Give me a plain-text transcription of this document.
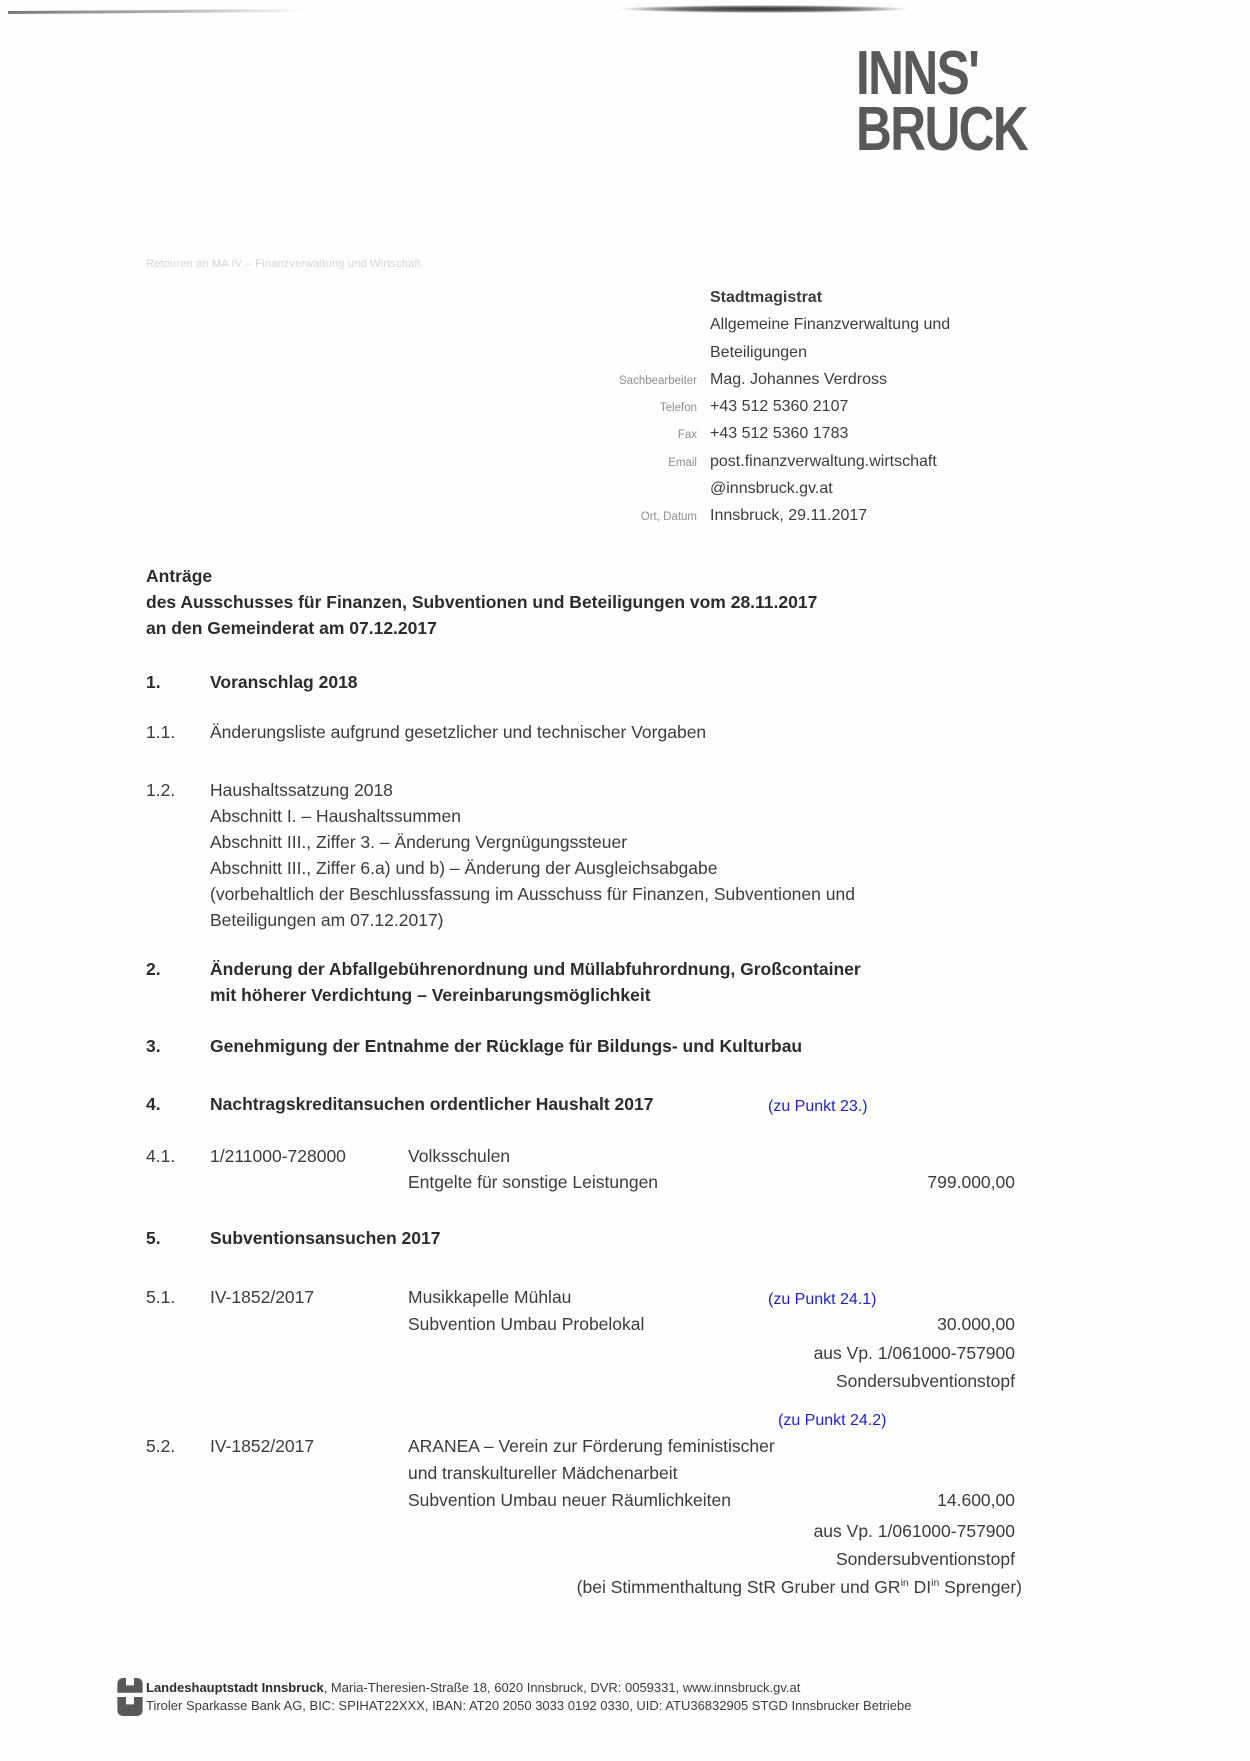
INNS'
BRUCK
Retouren an MA IV – Finanzverwaltung und Wirtschaft
Stadtmagistrat
Allgemeine Finanzverwaltung und
Beteiligungen
Sachbearbeiter Mag. Johannes Verdross
Telefon +43 512 5360 2107
Fax +43 512 5360 1783
Email post.finanzverwaltung.wirtschaft
@innsbruck.gv.at
Ort, Datum Innsbruck, 29.11.2017
Anträge
des Ausschusses für Finanzen, Subventionen und Beteiligungen vom 28.11.2017
an den Gemeinderat am 07.12.2017
1.	Voranschlag 2018
1.1. Änderungsliste aufgrund gesetzlicher und technischer Vorgaben
1.2. Haushaltssatzung 2018
Abschnitt I. – Haushaltssummen
Abschnitt III., Ziffer 3. – Änderung Vergnügungssteuer
Abschnitt III., Ziffer 6.a) und b) – Änderung der Ausgleichsabgabe
(vorbehaltlich der Beschlussfassung im Ausschuss für Finanzen, Subventionen und
Beteiligungen am 07.12.2017)
2.	Änderung der Abfallgebührenordnung und Müllabfuhrordnung, Großcontainer
mit höherer Verdichtung – Vereinbarungsmöglichkeit
3.	Genehmigung der Entnahme der Rücklage für Bildungs- und Kulturbau
4.	Nachtragskreditansuchen ordentlicher Haushalt 2017	(zu Punkt 23.)
4.1. 1/211000-728000	Volksschulen
Entgelte für sonstige Leistungen	799.000,00
5.	Subventionsansuchen 2017
5.1. IV-1852/2017	Musikkapelle Mühlau	(zu Punkt 24.1)
Subvention Umbau Probelokal	30.000,00
aus Vp. 1/061000-757900
Sondersubventionstopf
(zu Punkt 24.2)
5.2. IV-1852/2017	ARANEA – Verein zur Förderung feministischer
und transkultureller Mädchenarbeit
Subvention Umbau neuer Räumlichkeiten	14.600,00
aus Vp. 1/061000-757900
Sondersubventionstopf
(bei Stimmenthaltung StR Gruber und $GR^{in}$ $DI^{in}$ Sprenger)
Landeshauptstadt Innsbruck, Maria-Theresien-Straße 18, 6020 Innsbruck, DVR: 0059331, www.innsbruck.gv.at
Tiroler Sparkasse Bank AG, BIC: SPIHAT22XXX, IBAN: AT20 2050 3033 0192 0330, UID: ATU36832905 STGD Innsbrucker Betriebe
